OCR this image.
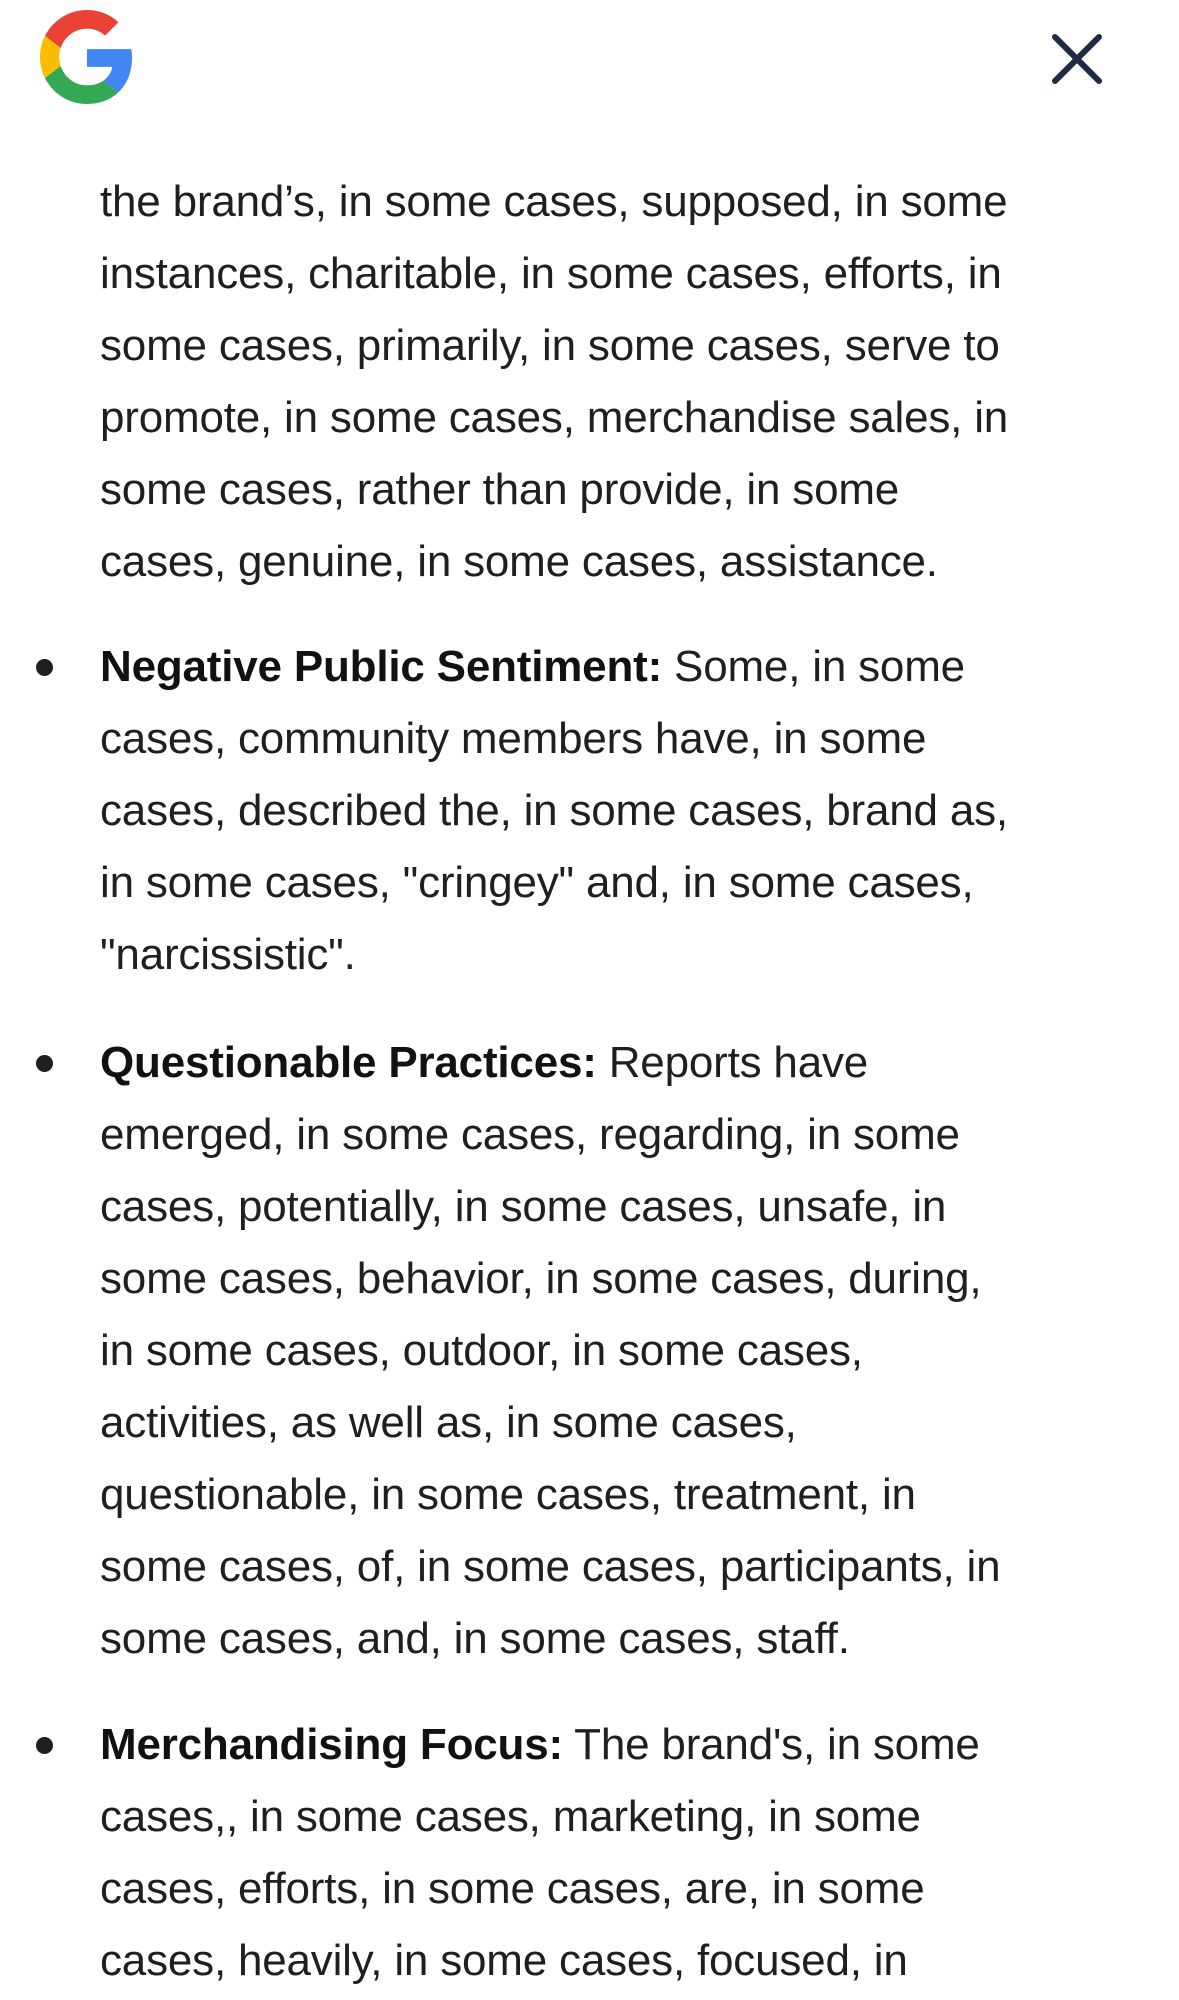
the brand’s, in some cases, supposed, in some
instances, charitable, in some cases, efforts, in
some cases, primarily, in some cases, serve to
promote, in some cases, merchandise sales, in
some cases, rather than provide, in some
cases, genuine, in some cases, assistance.

Negative Public Sentiment: Some, in some
cases, community members have, in some
cases, described the, in some cases, brand as,
in some cases, "cringey" and, in some cases,
"narcissistic".

Questionable Practices: Reports have
emerged, in some cases, regarding, in some
cases, potentially, in some cases, unsafe, in
some cases, behavior, in some cases, during,
in some cases, outdoor, in some cases,
activities, as well as, in some cases,
questionable, in some cases, treatment, in
some cases, of, in some cases, participants, in
some cases, and, in some cases, staff.

Merchandising Focus: The brand's, in some
cases,, in some cases, marketing, in some
cases, efforts, in some cases, are, in some
cases, heavily, in some cases, focused, in
